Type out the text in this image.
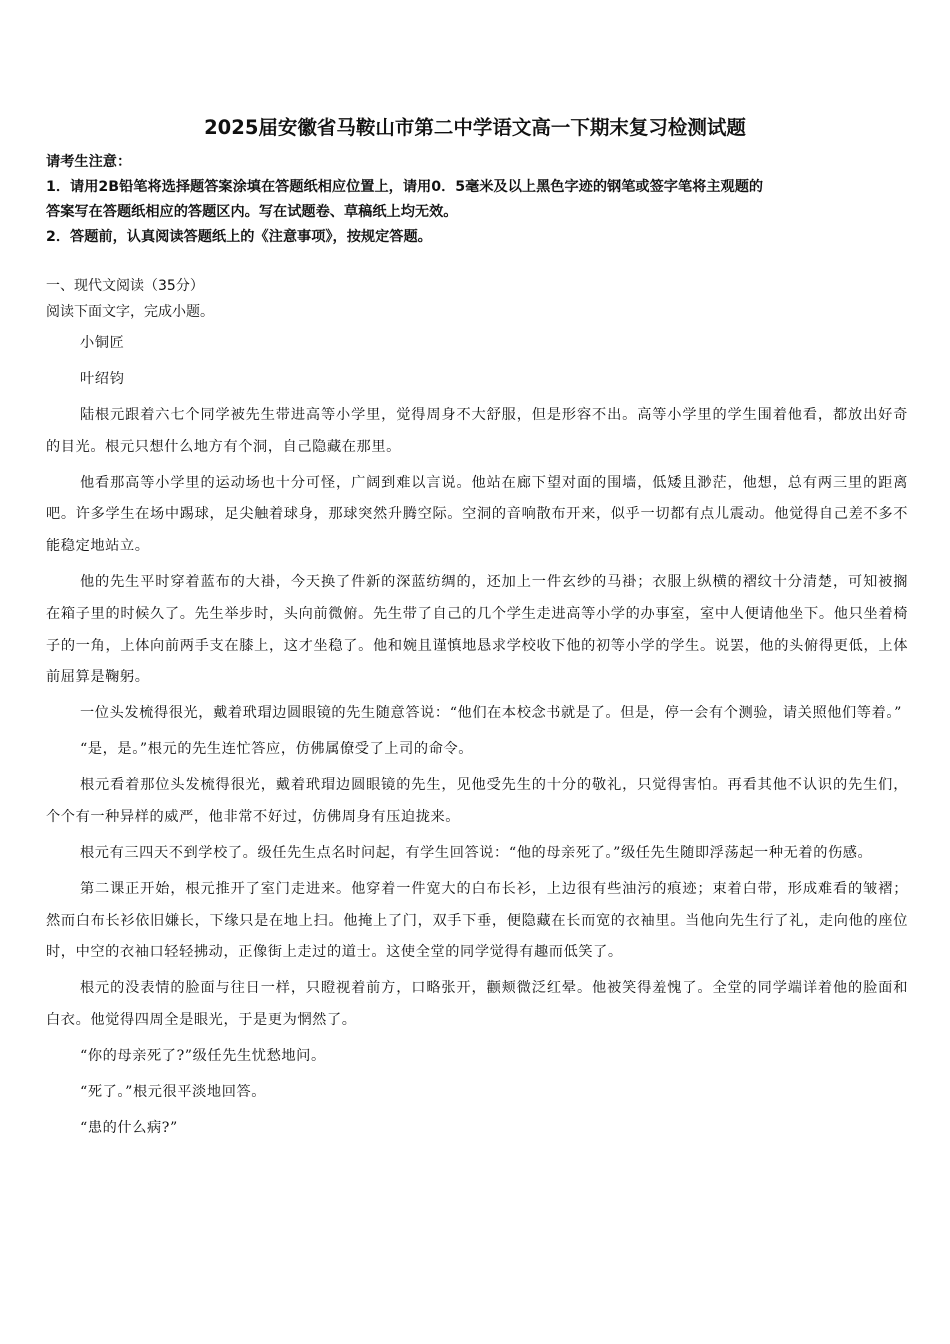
2025届安徽省马鞍山市第二中学语文高一下期末复习检测试题
请考生注意：
1．请用2B铅笔将选择题答案涂填在答题纸相应位置上，请用0．5毫米及以上黑色字迹的钢笔或签字笔将主观题的
答案写在答题纸相应的答题区内。写在试题卷、草稿纸上均无效。
2．答题前，认真阅读答题纸上的《注意事项》，按规定答题。
一、现代文阅读（35分）
阅读下面文字，完成小题。

小铜匠

叶绍钧

陆根元跟着六七个同学被先生带进高等小学里，觉得周身不大舒服，但是形容不出。高等小学里的学生围着他看，都放出好奇的目光。根元只想什么地方有个洞，自己隐藏在那里。

他看那高等小学里的运动场也十分可怪，广阔到难以言说。他站在廊下望对面的围墙，低矮且渺茫，他想，总有两三里的距离吧。许多学生在场中踢球，足尖触着球身，那球突然升腾空际。空洞的音响散布开来，似乎一切都有点儿震动。他觉得自己差不多不能稳定地站立。

他的先生平时穿着蓝布的大褂，今天换了件新的深蓝纺绸的，还加上一件玄纱的马褂；衣服上纵横的褶纹十分清楚，可知被搁在箱子里的时候久了。先生举步时，头向前微俯。先生带了自己的几个学生走进高等小学的办事室，室中人便请他坐下。他只坐着椅子的一角，上体向前两手支在膝上，这才坐稳了。他和婉且谨慎地恳求学校收下他的初等小学的学生。说罢，他的头俯得更低，上体前屈算是鞠躬。

一位头发梳得很光，戴着玳瑁边圆眼镜的先生随意答说：“他们在本校念书就是了。但是，停一会有个测验，请关照他们等着。”

“是，是。”根元的先生连忙答应，仿佛属僚受了上司的命令。

根元看着那位头发梳得很光，戴着玳瑁边圆眼镜的先生，见他受先生的十分的敬礼，只觉得害怕。再看其他不认识的先生们，个个有一种异样的威严，他非常不好过，仿佛周身有压迫拢来。

根元有三四天不到学校了。级任先生点名时问起，有学生回答说：“他的母亲死了。”级任先生随即浮荡起一种无着的伤感。

第二课正开始，根元推开了室门走进来。他穿着一件宽大的白布长衫，上边很有些油污的痕迹；束着白带，形成难看的皱褶；然而白布长衫依旧嫌长，下缘只是在地上扫。他掩上了门，双手下垂，便隐藏在长而宽的衣袖里。当他向先生行了礼，走向他的座位时，中空的衣袖口轻轻拂动，正像街上走过的道士。这使全堂的同学觉得有趣而低笑了。

根元的没表情的脸面与往日一样，只瞪视着前方，口略张开，颧颊微泛红晕。他被笑得羞愧了。全堂的同学端详着他的脸面和白衣。他觉得四周全是眼光，于是更为惘然了。

“你的母亲死了?”级任先生忧愁地问。

“死了。”根元很平淡地回答。

“患的什么病?”
